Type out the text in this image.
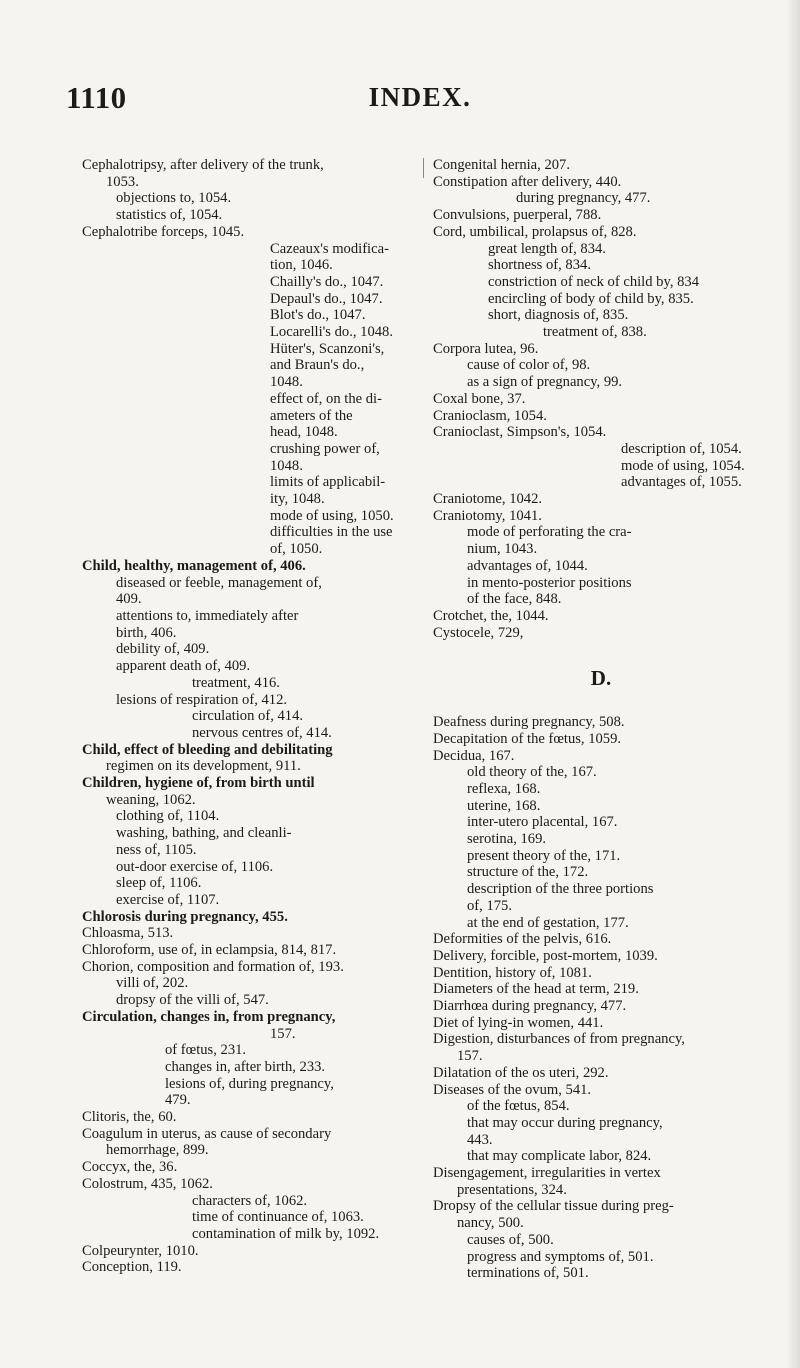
1110	INDEX.
Cephalotripsy, after delivery of the trunk,
1053.
objections to, 1054.
statistics of, 1054.
Cephalotribe forceps, 1045.
Cazeaux's modifica-
tion, 1046.
Chailly's do., 1047.
Depaul's do., 1047.
Blot's do., 1047.
Locarelli's do., 1048.
Hüter's, Scanzoni's,
and Braun's do.,
1048.
effect of, on the di-
ameters of the
head, 1048.
crushing power of,
1048.
limits of applicabil-
ity, 1048.
mode of using, 1050.
difficulties in the use
of, 1050.
Child, healthy, management of, 406.
diseased or feeble, management of,
409.
attentions to, immediately after
birth, 406.
debility of, 409.
apparent death of, 409.
treatment, 416.
lesions of respiration of, 412.
circulation of, 414.
nervous centres of, 414.
Child, effect of bleeding and debilitating
regimen on its development, 911.
Children, hygiene of, from birth until
weaning, 1062.
clothing of, 1104.
washing, bathing, and cleanli-
ness of, 1105.
out-door exercise of, 1106.
sleep of, 1106.
exercise of, 1107.
Chlorosis during pregnancy, 455.
Chloasma, 513.
Chloroform, use of, in eclampsia, 814, 817.
Chorion, composition and formation of, 193.
villi of, 202.
dropsy of the villi of, 547.
Circulation, changes in, from pregnancy,
157.
of fœtus, 231.
changes in, after birth, 233.
lesions of, during pregnancy,
479.
Clitoris, the, 60.
Coagulum in uterus, as cause of secondary
hemorrhage, 899.
Coccyx, the, 36.
Colostrum, 435, 1062.
characters of, 1062.
time of continuance of, 1063.
contamination of milk by, 1092.
Colpeurynter, 1010.
Conception, 119.
Congenital hernia, 207.
Constipation after delivery, 440.
during pregnancy, 477.
Convulsions, puerperal, 788.
Cord, umbilical, prolapsus of, 828.
great length of, 834.
shortness of, 834.
constriction of neck of child by, 834
encircling of body of child by, 835.
short, diagnosis of, 835.
treatment of, 838.
Corpora lutea, 96.
cause of color of, 98.
as a sign of pregnancy, 99.
Coxal bone, 37.
Cranioclasm, 1054.
Cranioclast, Simpson's, 1054.
description of, 1054.
mode of using, 1054.
advantages of, 1055.
Craniotome, 1042.
Craniotomy, 1041.
mode of perforating the cra-
nium, 1043.
advantages of, 1044.
in mento-posterior positions
of the face, 848.
Crotchet, the, 1044.
Cystocele, 729,
D.
Deafness during pregnancy, 508.
Decapitation of the fœtus, 1059.
Decidua, 167.
old theory of the, 167.
reflexa, 168.
uterine, 168.
inter-utero placental, 167.
serotina, 169.
present theory of the, 171.
structure of the, 172.
description of the three portions
of, 175.
at the end of gestation, 177.
Deformities of the pelvis, 616.
Delivery, forcible, post-mortem, 1039.
Dentition, history of, 1081.
Diameters of the head at term, 219.
Diarrhœa during pregnancy, 477.
Diet of lying-in women, 441.
Digestion, disturbances of from pregnancy,
157.
Dilatation of the os uteri, 292.
Diseases of the ovum, 541.
of the fœtus, 854.
that may occur during pregnancy,
443.
that may complicate labor, 824.
Disengagement, irregularities in vertex
presentations, 324.
Dropsy of the cellular tissue during preg-
nancy, 500.
causes of, 500.
progress and symptoms of, 501.
terminations of, 501.
